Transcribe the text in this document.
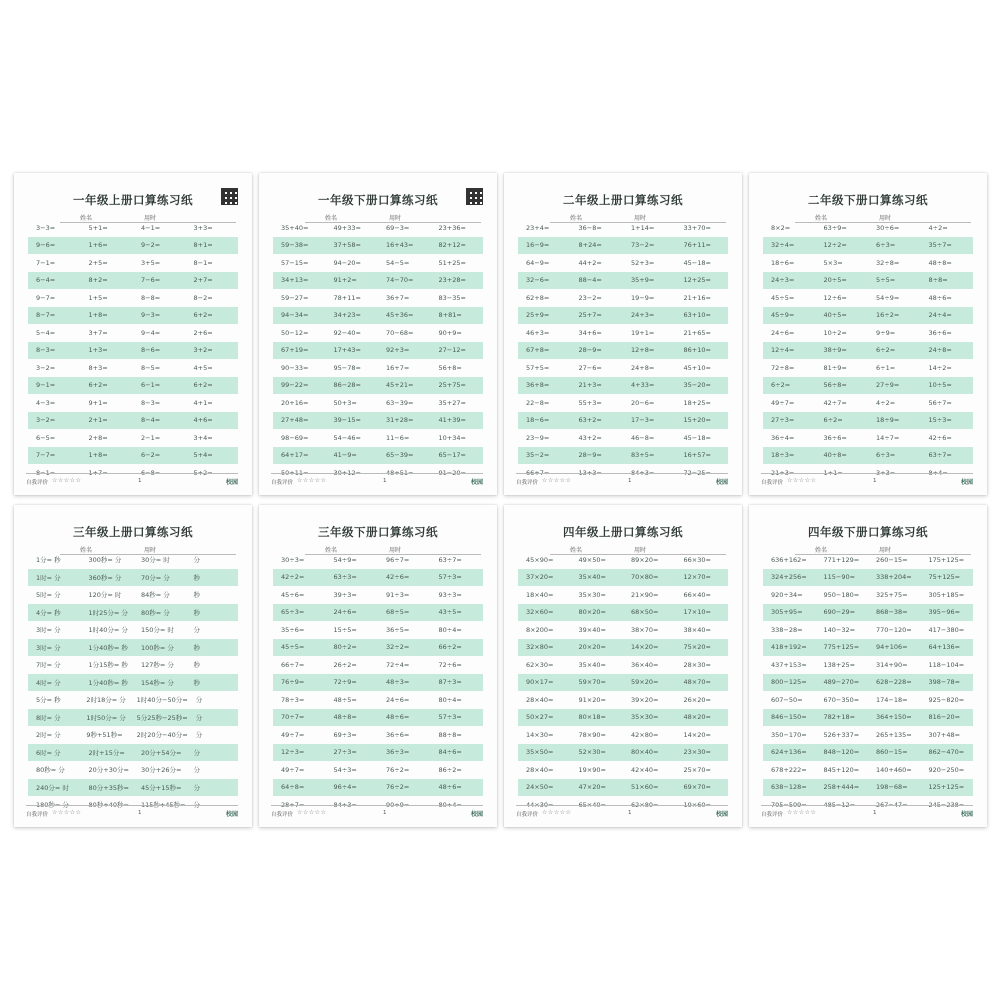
一年级上册口算练习纸
姓名	用时
3−3=	5+1=	4−1=	3+3=
9−6=	1+6=	9−2=	8+1=
7−1=	2+5=	3+5=	8−1=
6−4=	8+2=	7−6=	2+7=
9−7=	1+5=	8−8=	8−2=
8−7=	1+8=	9−3=	6+2=
5−4=	3+7=	9−4=	2+6=
8−3=	1+3=	8−6=	3+2=
3−2=	8+3=	8−5=	4+5=
9−1=	6+2=	6−1=	6+2=
4−3=	9+1=	8−3=	4+1=
3−2=	2+1=	8−4=	4+6=
6−5=	2+8=	2−1=	3+4=
7−7=	1+8=	6−2=	5+4=
8−1=	1+7=	6−8=	5+2=
自我评价 ☆☆☆☆☆	1	校园
一年级下册口算练习纸
姓名	用时
35+40=	49+33=	69−3=	23+36=
59−38=	37+58=	16+43=	82+12=
57−15=	94−20=	54−5=	51+25=
34+13=	91+2=	74−70=	23+28=
59−27=	78+11=	36+7=	83−35=
94−34=	34+23=	45+36=	8+81=
50−12=	92−40=	70−68=	90+9=
67+19=	17+43=	92+3=	27−12=
90−33=	95−78=	16+7=	56+8=
99−22=	86−28=	45+21=	25+75=
20+16=	50+3=	63−39=	35+27=
27+48=	39−15=	31+28=	41+39=
98−69=	54−46=	11−6=	10+34=
64+17=	41−9=	65−39=	65−17=
50+11=	30+12=	48+51=	91−20=
自我评价 ☆☆☆☆☆	1	校园
二年级上册口算练习纸
姓名	用时
23+4=	36−8=	1+14=	33+70=
16−9=	8+24=	73−2=	76+11=
64−9=	44+2=	52+3=	45−18=
32−6=	88−4=	35+9=	12+25=
62+8=	23−2=	19−9=	21+16=
25+9=	25+7=	24+3=	63+10=
46+3=	34+6=	19+1=	21+65=
67+8=	28−9=	12+8=	86+10=
57+5=	27−6=	24+8=	45+10=
36+8=	21+3=	4+33=	35−20=
22−8=	55+3=	20−6=	18+25=
18−6=	63+2=	17−3=	15+20=
23−9=	43+2=	46−8=	45−18=
35−2=	28−9=	83+5=	16+57=
66+7=	13+3=	84+3=	72−25=
自我评价 ☆☆☆☆☆	1	校园
二年级下册口算练习纸
姓名	用时
8×2=	63÷9=	30÷6=	4÷2=
32÷4=	12÷2=	6÷3=	35÷7=
18÷6=	5×3=	32÷8=	48÷8=
24÷3=	20÷5=	5÷5=	8÷8=
45÷5=	12÷6=	54÷9=	48÷6=
45÷9=	40÷5=	16÷2=	24÷4=
24÷6=	10÷2=	9÷9=	36÷6=
12÷4=	38÷9=	6÷2=	24÷8=
72÷8=	81÷9=	6÷1=	14÷2=
6÷2=	56÷8=	27÷9=	10÷5=
49÷7=	42÷7=	4÷2=	56÷7=
27÷3=	6÷2=	18÷9=	15÷3=
36÷4=	36÷6=	14÷7=	42÷6=
18÷3=	40÷8=	6÷3=	63÷7=
21÷3=	1÷1=	3÷3=	8÷4=
自我评价 ☆☆☆☆☆	1	校园
三年级上册口算练习纸
姓名	用时
1分= 秒	300秒= 分	30分= 时	分
1时= 分	360秒= 分	70分= 分	秒
5时= 分	120分= 时	84秒= 分	秒
4分= 秒	1时25分= 分	80秒= 分	秒
3时= 分	1时40分= 分	150分= 时	分
3时= 分	1分40秒= 秒	100秒= 分	秒
7时= 分	1分15秒= 秒	127秒= 分	秒
4时= 分	1分40秒= 秒	154秒= 分	秒
5分= 秒	2时18分= 分	1时40分−50分=	分
8时= 分	1时50分= 分	5分25秒−25秒=	分
2时= 分	9秒+51秒=	2时20分−40分=	分
6时= 分	2时+15分=	20分+54分=	分
80秒= 分	20分+30分=	30分+26分=	分
240分= 时	80分+35秒=	45分+15秒=	分
180秒= 分	80秒+40秒=	115秒+45秒=	分
自我评价 ☆☆☆☆☆	1	校园
三年级下册口算练习纸
姓名	用时
30÷3=	54÷9=	96÷7=	63÷7=
42÷2=	63÷3=	42÷6=	57÷3=
45÷6=	39÷3=	91÷3=	93÷3=
65÷3=	24÷6=	68÷5=	43÷5=
35÷6=	15÷5=	36÷5=	80÷4=
45÷5=	80÷2=	32÷2=	66÷2=
66÷7=	26÷2=	72÷4=	72÷6=
76÷9=	72÷9=	48÷3=	87÷3=
78÷3=	48÷5=	24÷6=	80÷4=
70÷7=	48÷8=	48÷6=	57÷3=
49÷7=	69÷3=	36÷6=	88÷8=
12÷3=	27÷3=	36÷3=	84÷6=
49÷7=	54÷3=	76÷2=	86÷2=
64÷8=	96÷4=	76÷2=	48÷6=
28÷7=	84÷3=	90÷9=	80÷4=
自我评价 ☆☆☆☆☆	1	校园
四年级上册口算练习纸
姓名	用时
45×90=	49×50=	89×20=	66×30=
37×20=	35×40=	70×80=	12×70=
18×40=	35×30=	21×90=	66×40=
32×60=	80×20=	68×50=	17×10=
8×200=	39×40=	38×70=	38×40=
32×80=	20×20=	14×20=	75×20=
62×30=	35×40=	36×40=	28×30=
90×17=	59×70=	59×20=	48×70=
28×40=	91×20=	39×20=	26×20=
50×27=	80×18=	35×30=	48×20=
14×30=	78×90=	42×80=	14×20=
35×50=	52×30=	80×40=	23×30=
28×40=	19×90=	42×40=	25×70=
24×50=	47×20=	51×60=	69×70=
44×30=	65×40=	62×80=	19×60=
自我评价 ☆☆☆☆☆	1	校园
四年级下册口算练习纸
姓名	用时
636+162=	771+129=	260−15=	175+125=
324+256=	115−90=	338+204=	75+125=
920÷34=	950−180=	325+75=	305+185=
305+95=	690−29=	868−38=	395−96=
338−28=	140−32=	770−120=	417−380=
418+192=	775+125=	94+106=	64+136=
437+153=	138+25=	314+90=	118−104=
800−125=	489−270=	628−228=	398−78=
607−50=	670−350=	174−18=	925−820=
846−150=	782+18=	364+150=	816−20=
350−170=	526+337=	265+135=	307+48=
624+136=	848−120=	860−15=	862−470=
678+222=	845+120=	140+460=	920−250=
638−128=	258+444=	198−68=	125+125=
705−509=	485−12=	267−47=	245−238=
自我评价 ☆☆☆☆☆	1	校园
